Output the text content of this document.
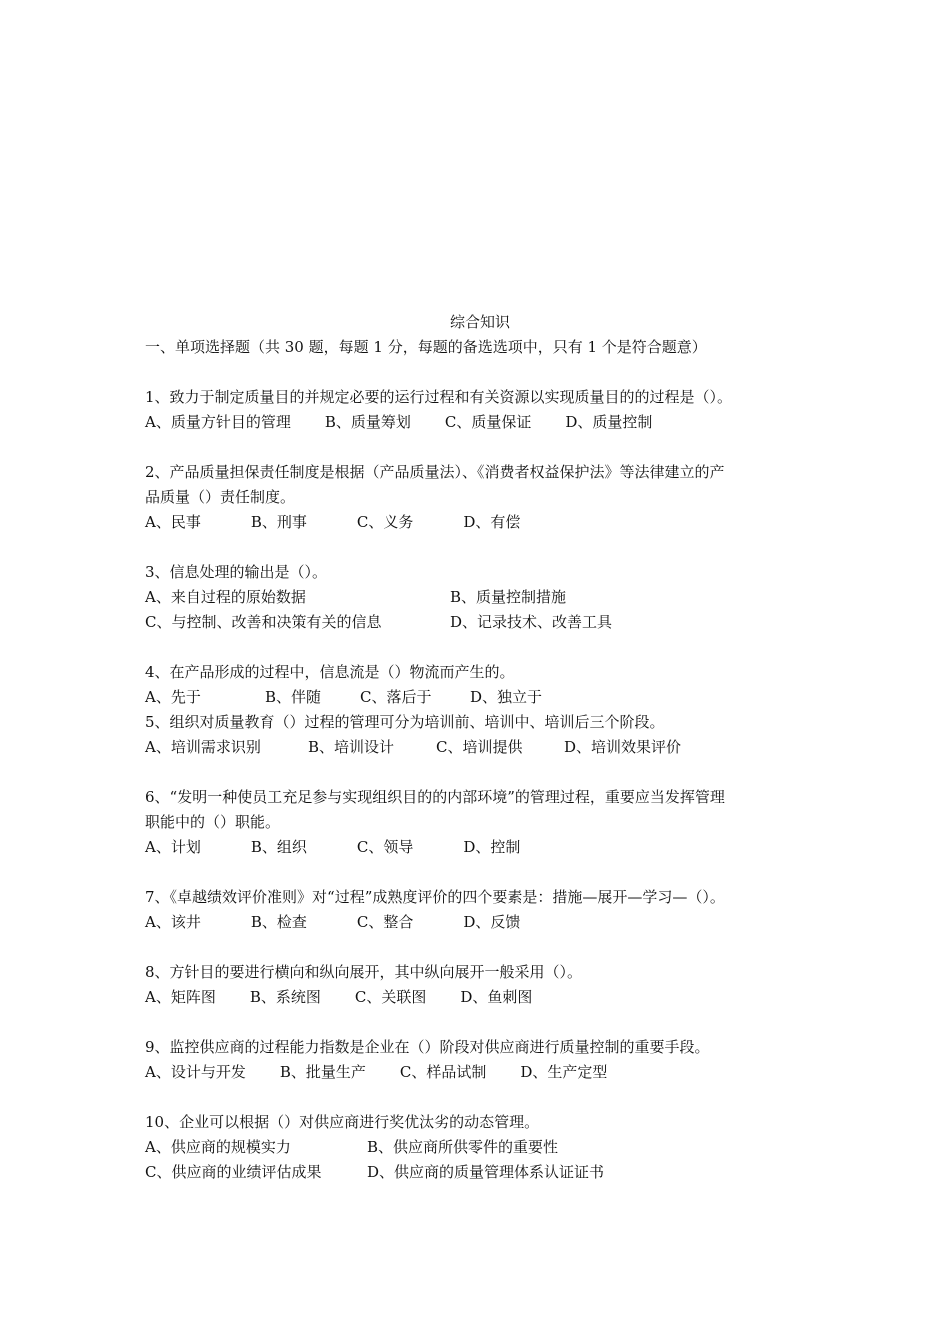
综合知识
一、单项选择题（共 30 题，每题 1 分，每题的备选选项中，只有 1 个是符合题意）
1、致力于制定质量目的并规定必要的运行过程和有关资源以实现质量目的的过程是（）。
A、质量方针目的管理 B、质量筹划 C、质量保证 D、质量控制
2、产品质量担保责任制度是根据（产品质量法）、《消费者权益保护法》等法律建立的产
品质量（）责任制度。
A、民事	B、刑事	C、义务	D、有偿
3、信息处理的输出是（）。
A、来自过程的原始数据	B、质量控制措施
C、与控制、改善和决策有关的信息	D、记录技术、改善工具
4、在产品形成的过程中，信息流是（）物流而产生的。
A、先于	B、伴随	C、落后于	D、独立于
5、组织对质量教育（）过程的管理可分为培训前、培训中、培训后三个阶段。
A、培训需求识别	B、培训设计	C、培训提供	D、培训效果评价
6、“发明一种使员工充足参与实现组织目的的内部环境”的管理过程，重要应当发挥管理
职能中的（）职能。
A、计划	B、组织	C、领导	D、控制
7、《卓越绩效评价准则》对“过程”成熟度评价的四个要素是：措施—展开—学习—（）。
A、该井	B、检查	C、整合	D、反馈
8、方针目的要进行横向和纵向展开，其中纵向展开一般采用（）。
A、矩阵图 B、系统图 C、关联图 D、鱼刺图
9、监控供应商的过程能力指数是企业在（）阶段对供应商进行质量控制的重要手段。
A、设计与开发 B、批量生产 C、样品试制 D、生产定型
10、企业可以根据（）对供应商进行奖优汰劣的动态管理。
A、供应商的规模实力	B、供应商所供零件的重要性
C、供应商的业绩评估成果	D、供应商的质量管理体系认证证书
